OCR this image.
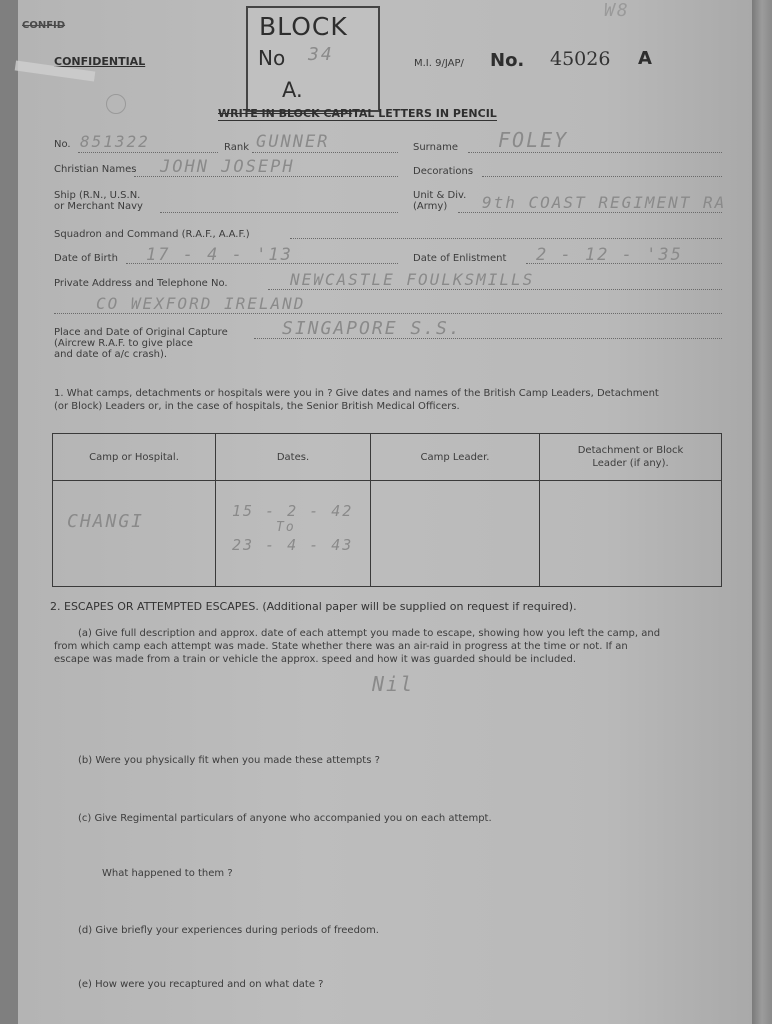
CONFID
CONFIDENTIAL
BLOCK
No 34
A.
M.I. 9/JAP/ No. 45026 A
W8
WRITE IN BLOCK CAPITAL LETTERS IN PENCIL
No. 851322	Rank GUNNER	Surname FOLEY
Christian Names JOHN JOSEPH	Decorations
Ship (R.N., U.S.N.
or Merchant Navy
Unit & Div.
(Army)	9th COAST REGIMENT RA
Squadron and Command (R.A.F., A.A.F.)
Date of Birth 17 - 4 - '13	Date of Enlistment 2 - 12 - '35
Private Address and Telephone No.	NEWCASTLE FOULKSMILLS
CO WEXFORD IRELAND
Place and Date of Original Capture
(Aircrew R.A.F. to give place
and date of a/c crash).
SINGAPORE S.S.
1. What camps, detachments or hospitals were you in ? Give dates and names of the British Camp Leaders, Detachment
(or Block) Leaders or, in the case of hospitals, the Senior British Medical Officers.
Camp or Hospital.	Dates.	Camp Leader.	Detachment or Block Leader (if any).
CHANGI	15 - 2 - 42
To
23 - 4 - 43		

2. ESCAPES OR ATTEMPTED ESCAPES. (Additional paper will be supplied on request if required).
(a) Give full description and approx. date of each attempt you made to escape, showing how you left the camp, and
from which camp each attempt was made. State whether there was an air-raid in progress at the time or not. If an
escape was made from a train or vehicle the approx. speed and how it was guarded should be included.
Nil
(b) Were you physically fit when you made these attempts ?
(c) Give Regimental particulars of anyone who accompanied you on each attempt.
What happened to them ?
(d) Give briefly your experiences during periods of freedom.
(e) How were you recaptured and on what date ?
